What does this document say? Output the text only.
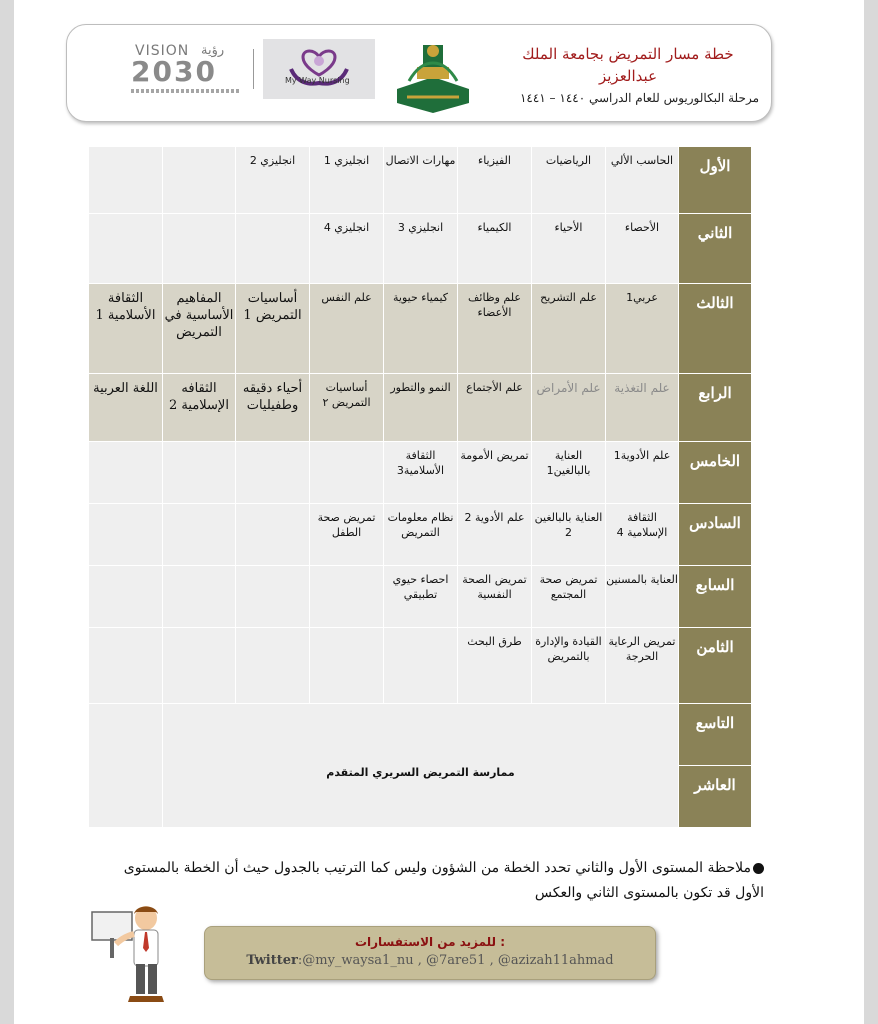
VISION رؤية
2030	My Way Nursing
خطة مسار التمريض بجامعة الملك
عبدالعزيز
مرحلة البكالوريوس للعام الدراسي ١٤٤٠ – ١٤٤١
		انجليزي 2	انجليزي 1	مهارات الاتصال	الفيزياء	الرياضيات	الحاسب الألي	الأول
			انجليزي 4	انجليزي 3	الكيمياء	الأحياء	الأحصاء	الثاني
الثقافة الأسلامية 1	المفاهيم الأساسية في التمريض	أساسيات التمريض 1	علم النفس	كيمياء حيوية	علم وظائف الأعضاء	علم التشريح	عربي1	الثالث
اللغة العربية	الثقافه الإسلامية 2	أحياء دقيقه وطفيليات	أساسيات التمريض ٢	النمو والتطور	علم الأجتماع	علم الأمراض	علم التغذية	الرابع
				الثقافة الأسلامية3	تمريض الأمومة	العناية بالبالغين1	علم الأدوية1	الخامس
			تمريض صحة الطفل	نظام معلومات التمريض	علم الأدوية 2	العناية بالبالغين 2	الثقافة الإسلامية 4	السادس
				احصاء حيوي تطبيقي	تمريض الصحة النفسية	تمريض صحة المجتمع	العناية بالمسنين	السابع
					طرق البحث	القيادة والإدارة بالتمريض	تمريض الرعاية الحرجة	الثامن
	ممارسة التمريض السريري المتقدم							التاسع
								العاشر
ملاحظة المستوى الأول والثاني تحدد الخطة من الشؤون وليس كما الترتيب بالجدول حيث أن الخطة بالمستوى الأول قد تكون بالمستوى الثاني والعكس
للمزيد من الاستفسارات :
Twitter:@my_waysa1_nu , @7are51 , @azizah11ahmad
